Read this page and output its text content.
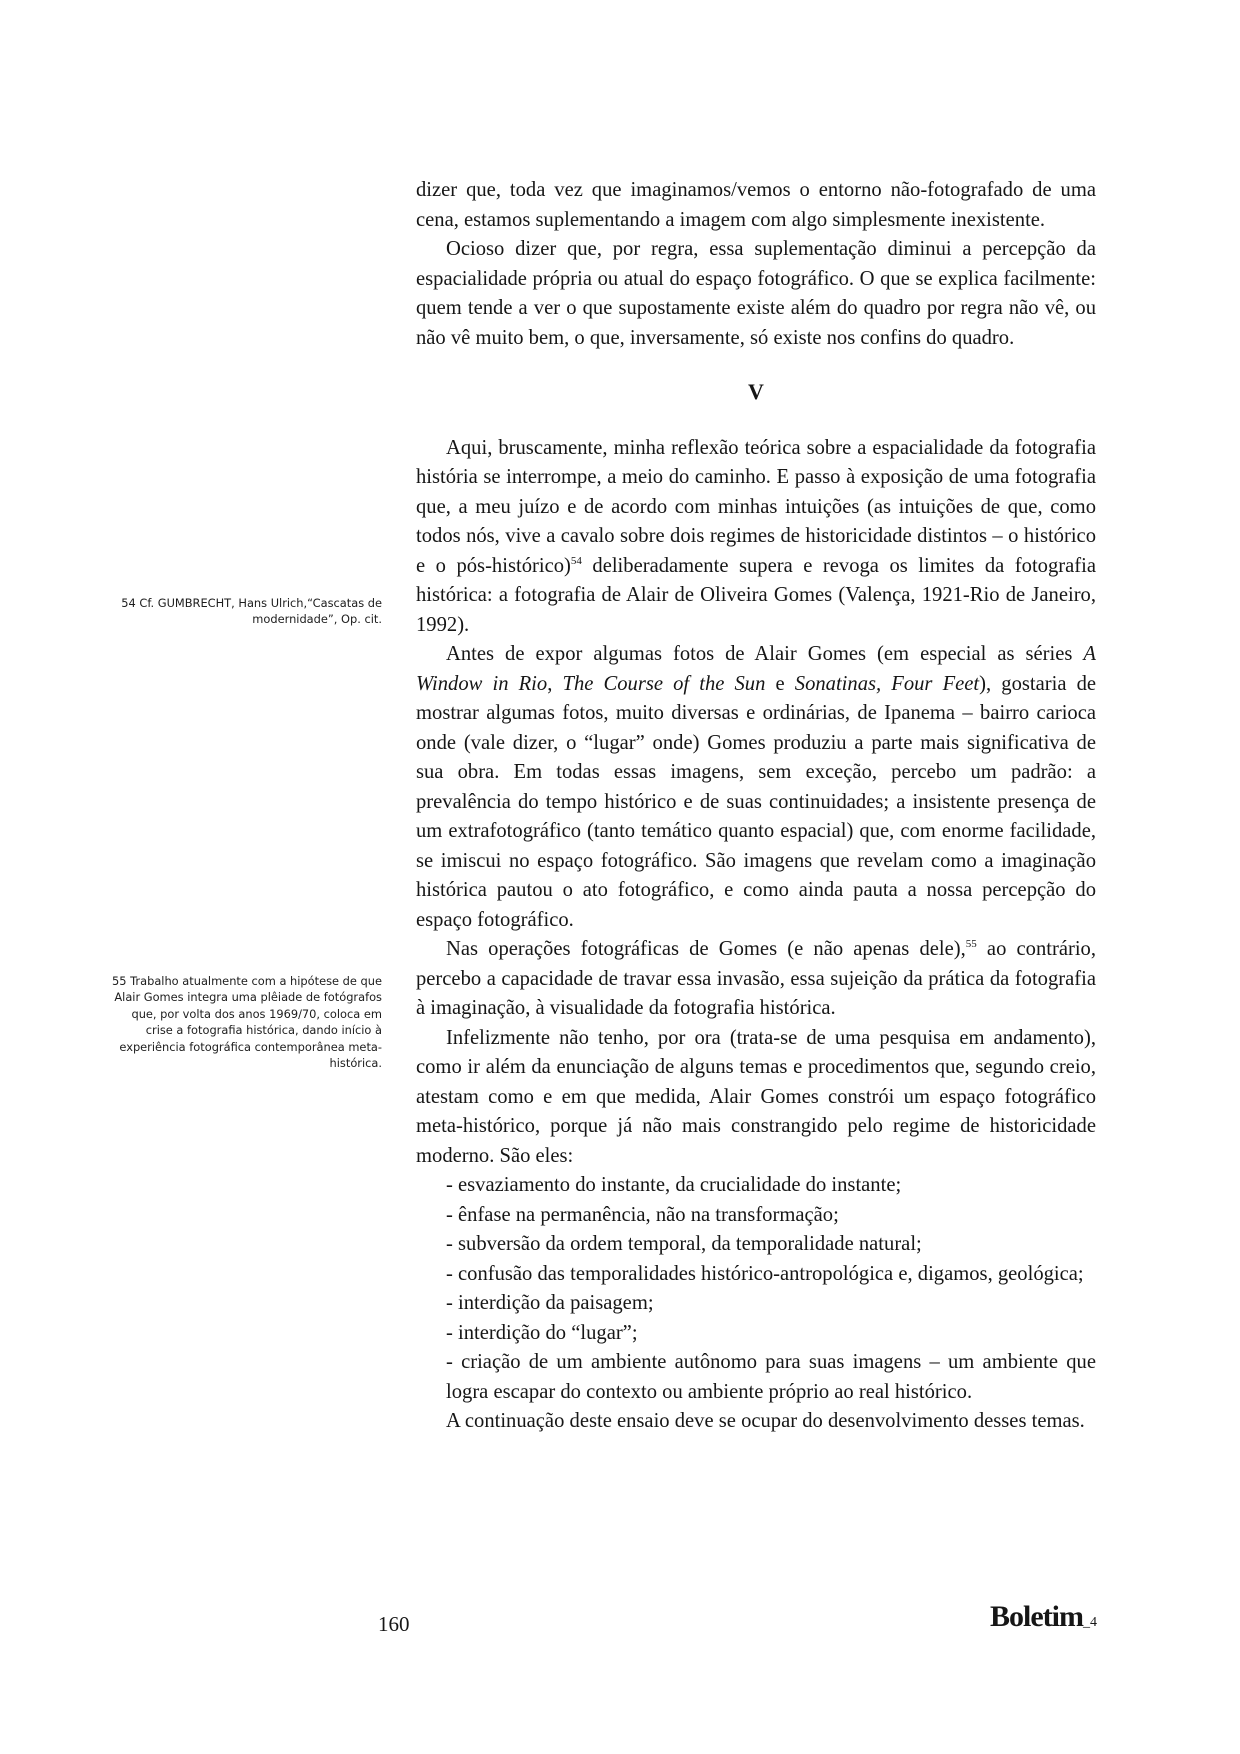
dizer que, toda vez que imaginamos/vemos o entorno não-fotografado de uma cena, estamos suplementando a imagem com algo simplesmente inexistente.

Ocioso dizer que, por regra, essa suplementação diminui a percepção da espacialidade própria ou atual do espaço fotográfico. O que se explica facilmente: quem tende a ver o que supostamente existe além do quadro por regra não vê, ou não vê muito bem, o que, inversamente, só existe nos confins do quadro.

V

Aqui, bruscamente, minha reflexão teórica sobre a espacialidade da fotografia história se interrompe, a meio do caminho. E passo à exposição de uma fotografia que, a meu juízo e de acordo com minhas intuições (as intuições de que, como todos nós, vive a cavalo sobre dois regimes de historicidade distintos – o histórico e o pós-histórico)$^{54}$ deliberadamente supera e revoga os limites da fotografia histórica: a fotografia de Alair de Oliveira Gomes (Valença, 1921-Rio de Janeiro, 1992).

Antes de expor algumas fotos de Alair Gomes (em especial as séries A Window in Rio, The Course of the Sun e Sonatinas, Four Feet), gostaria de mostrar algumas fotos, muito diversas e ordinárias, de Ipanema – bairro carioca onde (vale dizer, o “lugar” onde) Gomes produziu a parte mais significativa de sua obra. Em todas essas imagens, sem exceção, percebo um padrão: a prevalência do tempo histórico e de suas continuidades; a insistente presença de um extrafotográfico (tanto temático quanto espacial) que, com enorme facilidade, se imiscui no espaço fotográfico. São imagens que revelam como a imaginação histórica pautou o ato fotográfico, e como ainda pauta a nossa percepção do espaço fotográfico.

Nas operações fotográficas de Gomes (e não apenas dele),$^{55}$ ao contrário, percebo a capacidade de travar essa invasão, essa sujeição da prática da fotografia à imaginação, à visualidade da fotografia histórica.

Infelizmente não tenho, por ora (trata-se de uma pesquisa em andamento), como ir além da enunciação de alguns temas e procedimentos que, segundo creio, atestam como e em que medida, Alair Gomes constrói um espaço fotográfico meta-histórico, porque já não mais constrangido pelo regime de historicidade moderno. São eles:

- esvaziamento do instante, da crucialidade do instante;

- ênfase na permanência, não na transformação;

- subversão da ordem temporal, da temporalidade natural;

- confusão das temporalidades histórico-antropológica e, digamos, geológica;

- interdição da paisagem;

- interdição do “lugar”;

- criação de um ambiente autônomo para suas imagens – um ambiente que logra escapar do contexto ou ambiente próprio ao real histórico.

A continuação deste ensaio deve se ocupar do desenvolvimento desses temas.

54 Cf. GUMBRECHT, Hans Ulrich,“Cascatas de modernidade”, Op. cit.
55 Trabalho atualmente com a hipótese de que Alair Gomes integra uma plêiade de fotógrafos que, por volta dos anos 1969/70, coloca em crise a fotografia histórica, dando início à experiência fotográfica contemporânea meta-histórica.
160	Boletim_4
